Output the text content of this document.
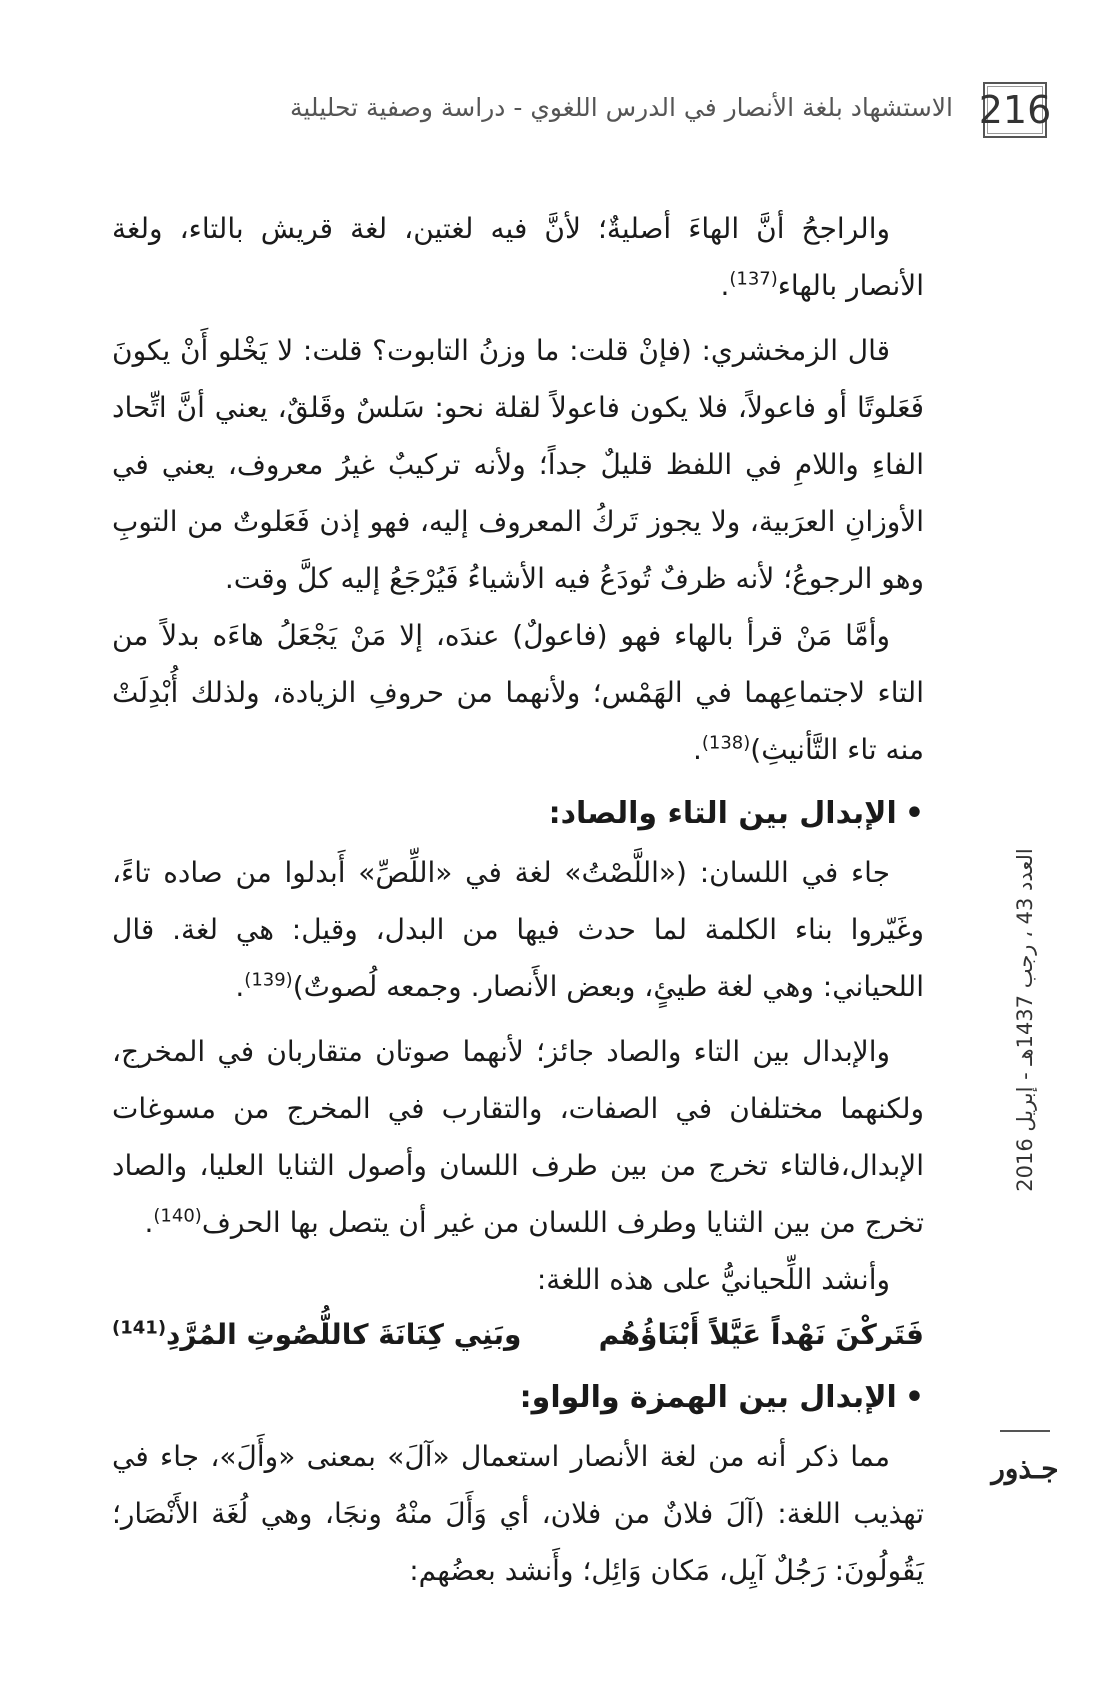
216
الاستشهاد بلغة الأنصار في الدرس اللغوي - دراسة وصفية تحليلية
العدد 43 ، رجب 1437هـ - إبريل 2016
جـذور

والراجحُ أنَّ الهاءَ أصليةٌ؛ لأنَّ فيه لغتين، لغة قريش بالتاء، ولغة الأنصار بالهاء$^{(137)}$.

قال الزمخشري: (فإنْ قلت: ما وزنُ التابوت؟ قلت: لا يَخْلو أَنْ يكونَ فَعَلوتًا أو فاعولاً، فلا يكون فاعولاً لقلة نحو: سَلسٌ وقَلقٌ، يعني أنَّ اتِّحاد الفاءِ واللامِ في اللفظ قليلٌ جداً؛ ولأنه تركيبٌ غيرُ معروف، يعني في الأوزانِ العرَبية، ولا يجوز تَركُ المعروف إليه، فهو إذن فَعَلوتٌ من التوبِ وهو الرجوعُ؛ لأنه ظرفٌ تُودَعُ فيه الأشياءُ فَيُرْجَعُ إليه كلَّ وقت.

وأمَّا مَنْ قرأ بالهاء فهو (فاعولٌ) عندَه، إلا مَنْ يَجْعَلُ هاءَه بدلاً من التاء لاجتماعِهما في الهَمْس؛ ولأنهما من حروفِ الزيادة، ولذلك أُبْدِلَتْ منه تاء التَّأنيثِ)$^{(138)}$.

•الإبدال بين التاء والصاد:

جاء في اللسان: («اللَّصْتُ» لغة في «اللِّصِّ» أَبدلوا من صاده تاءً، وغَيّروا بناء الكلمة لما حدث فيها من البدل، وقيل: هي لغة. قال اللحياني: وهي لغة طيئٍ، وبعض الأَنصار. وجمعه لُصوتٌ)$^{(139)}$.

والإبدال بين التاء والصاد جائز؛ لأنهما صوتان متقاربان في المخرج، ولكنهما مختلفان في الصفات، والتقارب في المخرج من مسوغات الإبدال،فالتاء تخرج من بين طرف اللسان وأصول الثنايا العليا، والصاد تخرج من بين الثنايا وطرف اللسان من غير أن يتصل بها الحرف$^{(140)}$.

وأنشد اللِّحيانيُّ على هذه اللغة:

فَتَركْنَ نَهْداً عَيَّلاً أَبْنَاؤُهُم
وبَنِي كِنَانَةَ كاللُّصُوتِ المُرَّدِ$^{(141)}$
•الإبدال بين الهمزة والواو:

مما ذكر أنه من لغة الأنصار استعمال «آلَ» بمعنى «وأَلَ»، جاء في تهذيب اللغة: (آلَ فلانٌ من فلان، أي وَأَلَ منْهُ ونجَا، وهي لُغَة الأَنْصَار؛ يَقُولُونَ: رَجُلٌ آيِل، مَكان وَائِل؛ وأَنشد بعضُهم:
